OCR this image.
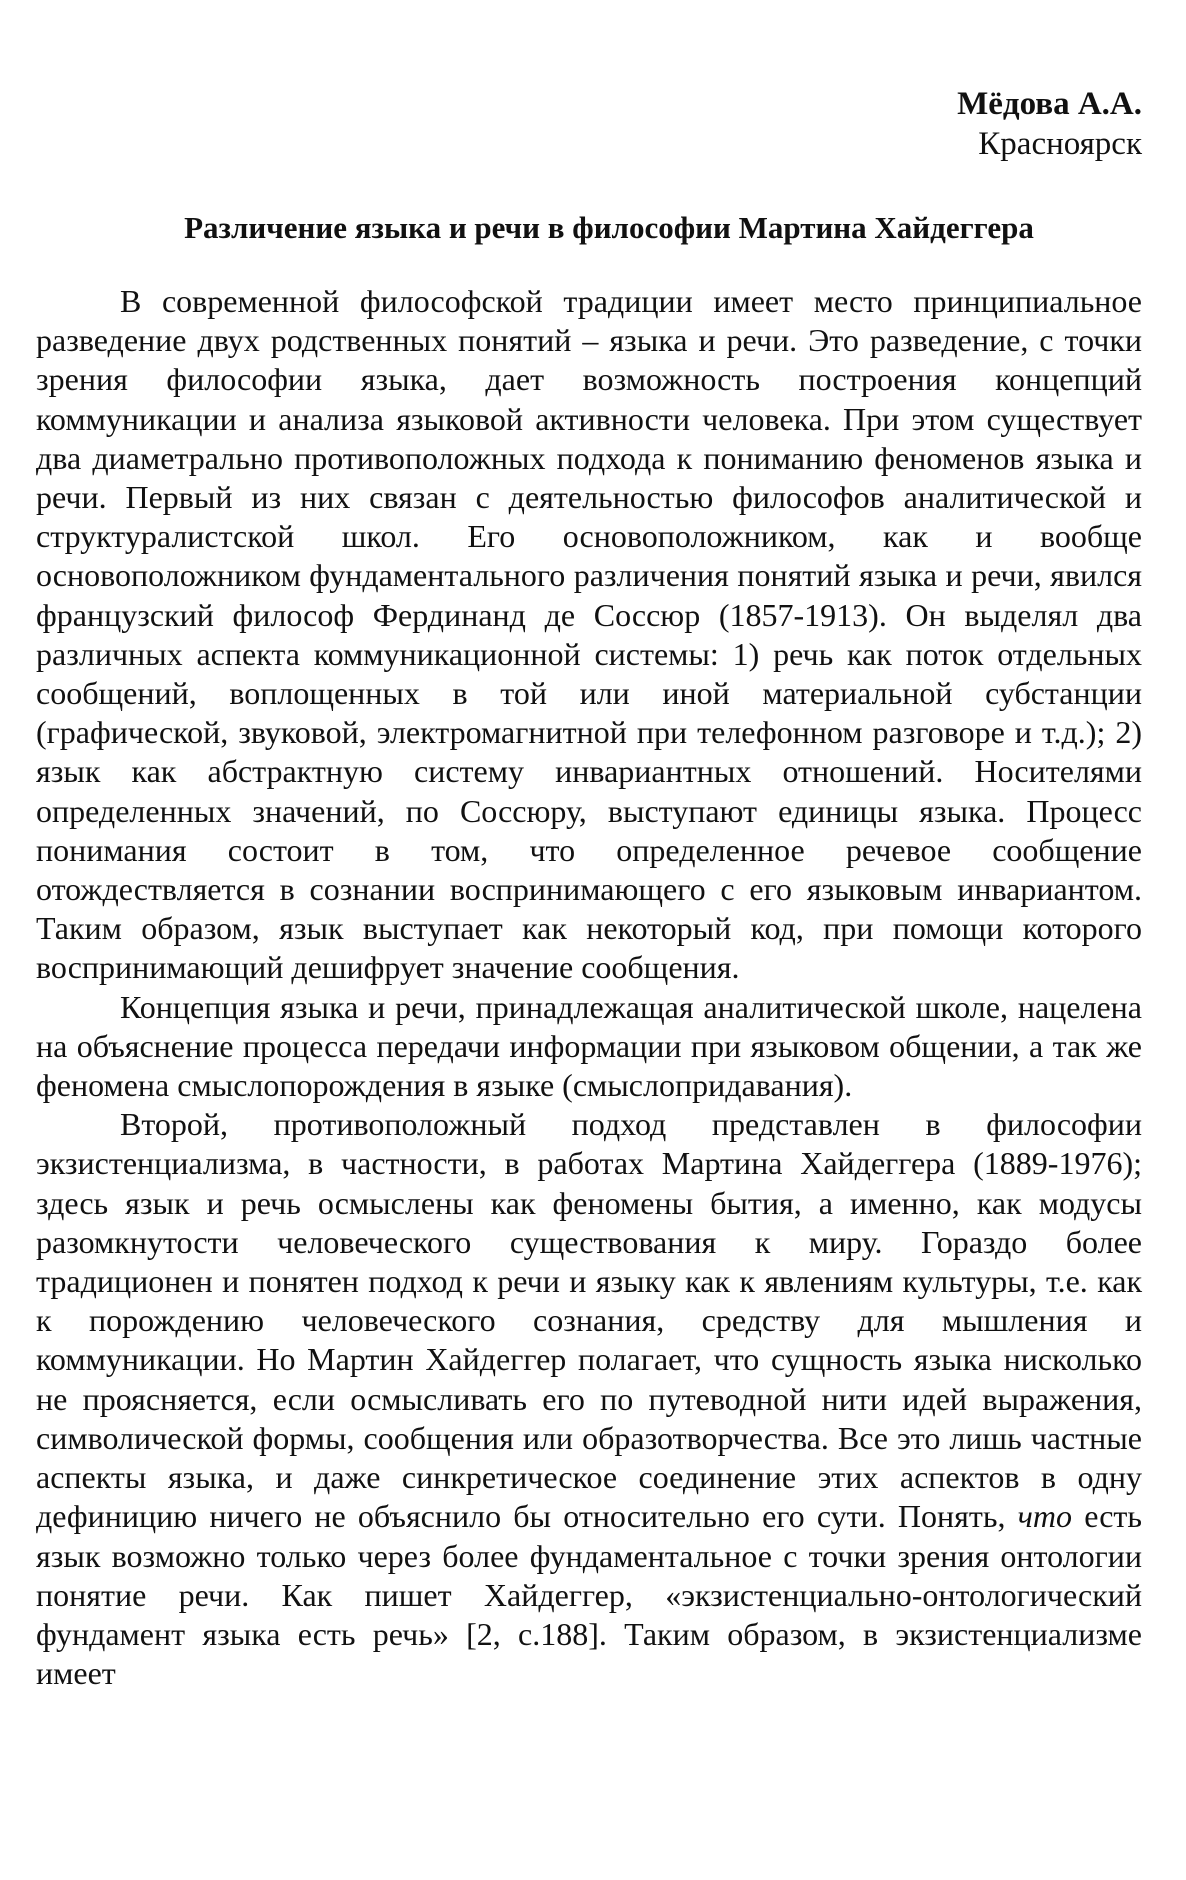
Мёдова А.А.
Красноярск
Различение языка и речи в философии Мартина Хайдеггера

В современной философской традиции имеет место принципиальное разведение двух родственных понятий – языка и речи. Это разведение, с точки зрения философии языка, дает возможность построения концепций коммуникации и анализа языковой активности человека. При этом существует два диаметрально противоположных подхода к пониманию феноменов языка и речи. Первый из них связан с деятельностью философов аналитической и структуралистской школ. Его основоположником, как и вообще основоположником фундаментального различения понятий языка и речи, явился французский философ Фердинанд де Соссюр (1857-1913). Он выделял два различных аспекта коммуникационной системы: 1) речь как поток отдельных сообщений, воплощенных в той или иной материальной субстанции (графической, звуковой, электромагнитной при телефонном разговоре и т.д.); 2) язык как абстрактную систему инвариантных отношений. Носителями определенных значений, по Соссюру, выступают единицы языка. Процесс понимания состоит в том, что определенное речевое сообщение отождествляется в сознании воспринимающего с его языковым инвариантом. Таким образом, язык выступает как некоторый код, при помощи которого воспринимающий дешифрует значение сообщения.

Концепция языка и речи, принадлежащая аналитической школе, нацелена на объяснение процесса передачи информации при языковом общении, а так же феномена смыслопорождения в языке (смыслопридавания).

Второй, противоположный подход представлен в философии экзистенциализма, в частности, в работах Мартина Хайдеггера (1889-1976); здесь язык и речь осмыслены как феномены бытия, а именно, как модусы разомкнутости человеческого существования к миру. Гораздо более традиционен и понятен подход к речи и языку как к явлениям культуры, т.е. как к порождению человеческого сознания, средству для мышления и коммуникации. Но Мартин Хайдеггер полагает, что сущность языка нисколько не проясняется, если осмысливать его по путеводной нити идей выражения, символической формы, сообщения или образотворчества. Все это лишь частные аспекты языка, и даже синкретическое соединение этих аспектов в одну дефиницию ничего не объяснило бы относительно его сути. Понять, что есть язык возможно только через более фундаментальное с точки зрения онтологии понятие речи. Как пишет Хайдеггер, «экзистенциально-онтологический фундамент языка есть речь» [2, с.188]. Таким образом, в экзистенциализме имеет
